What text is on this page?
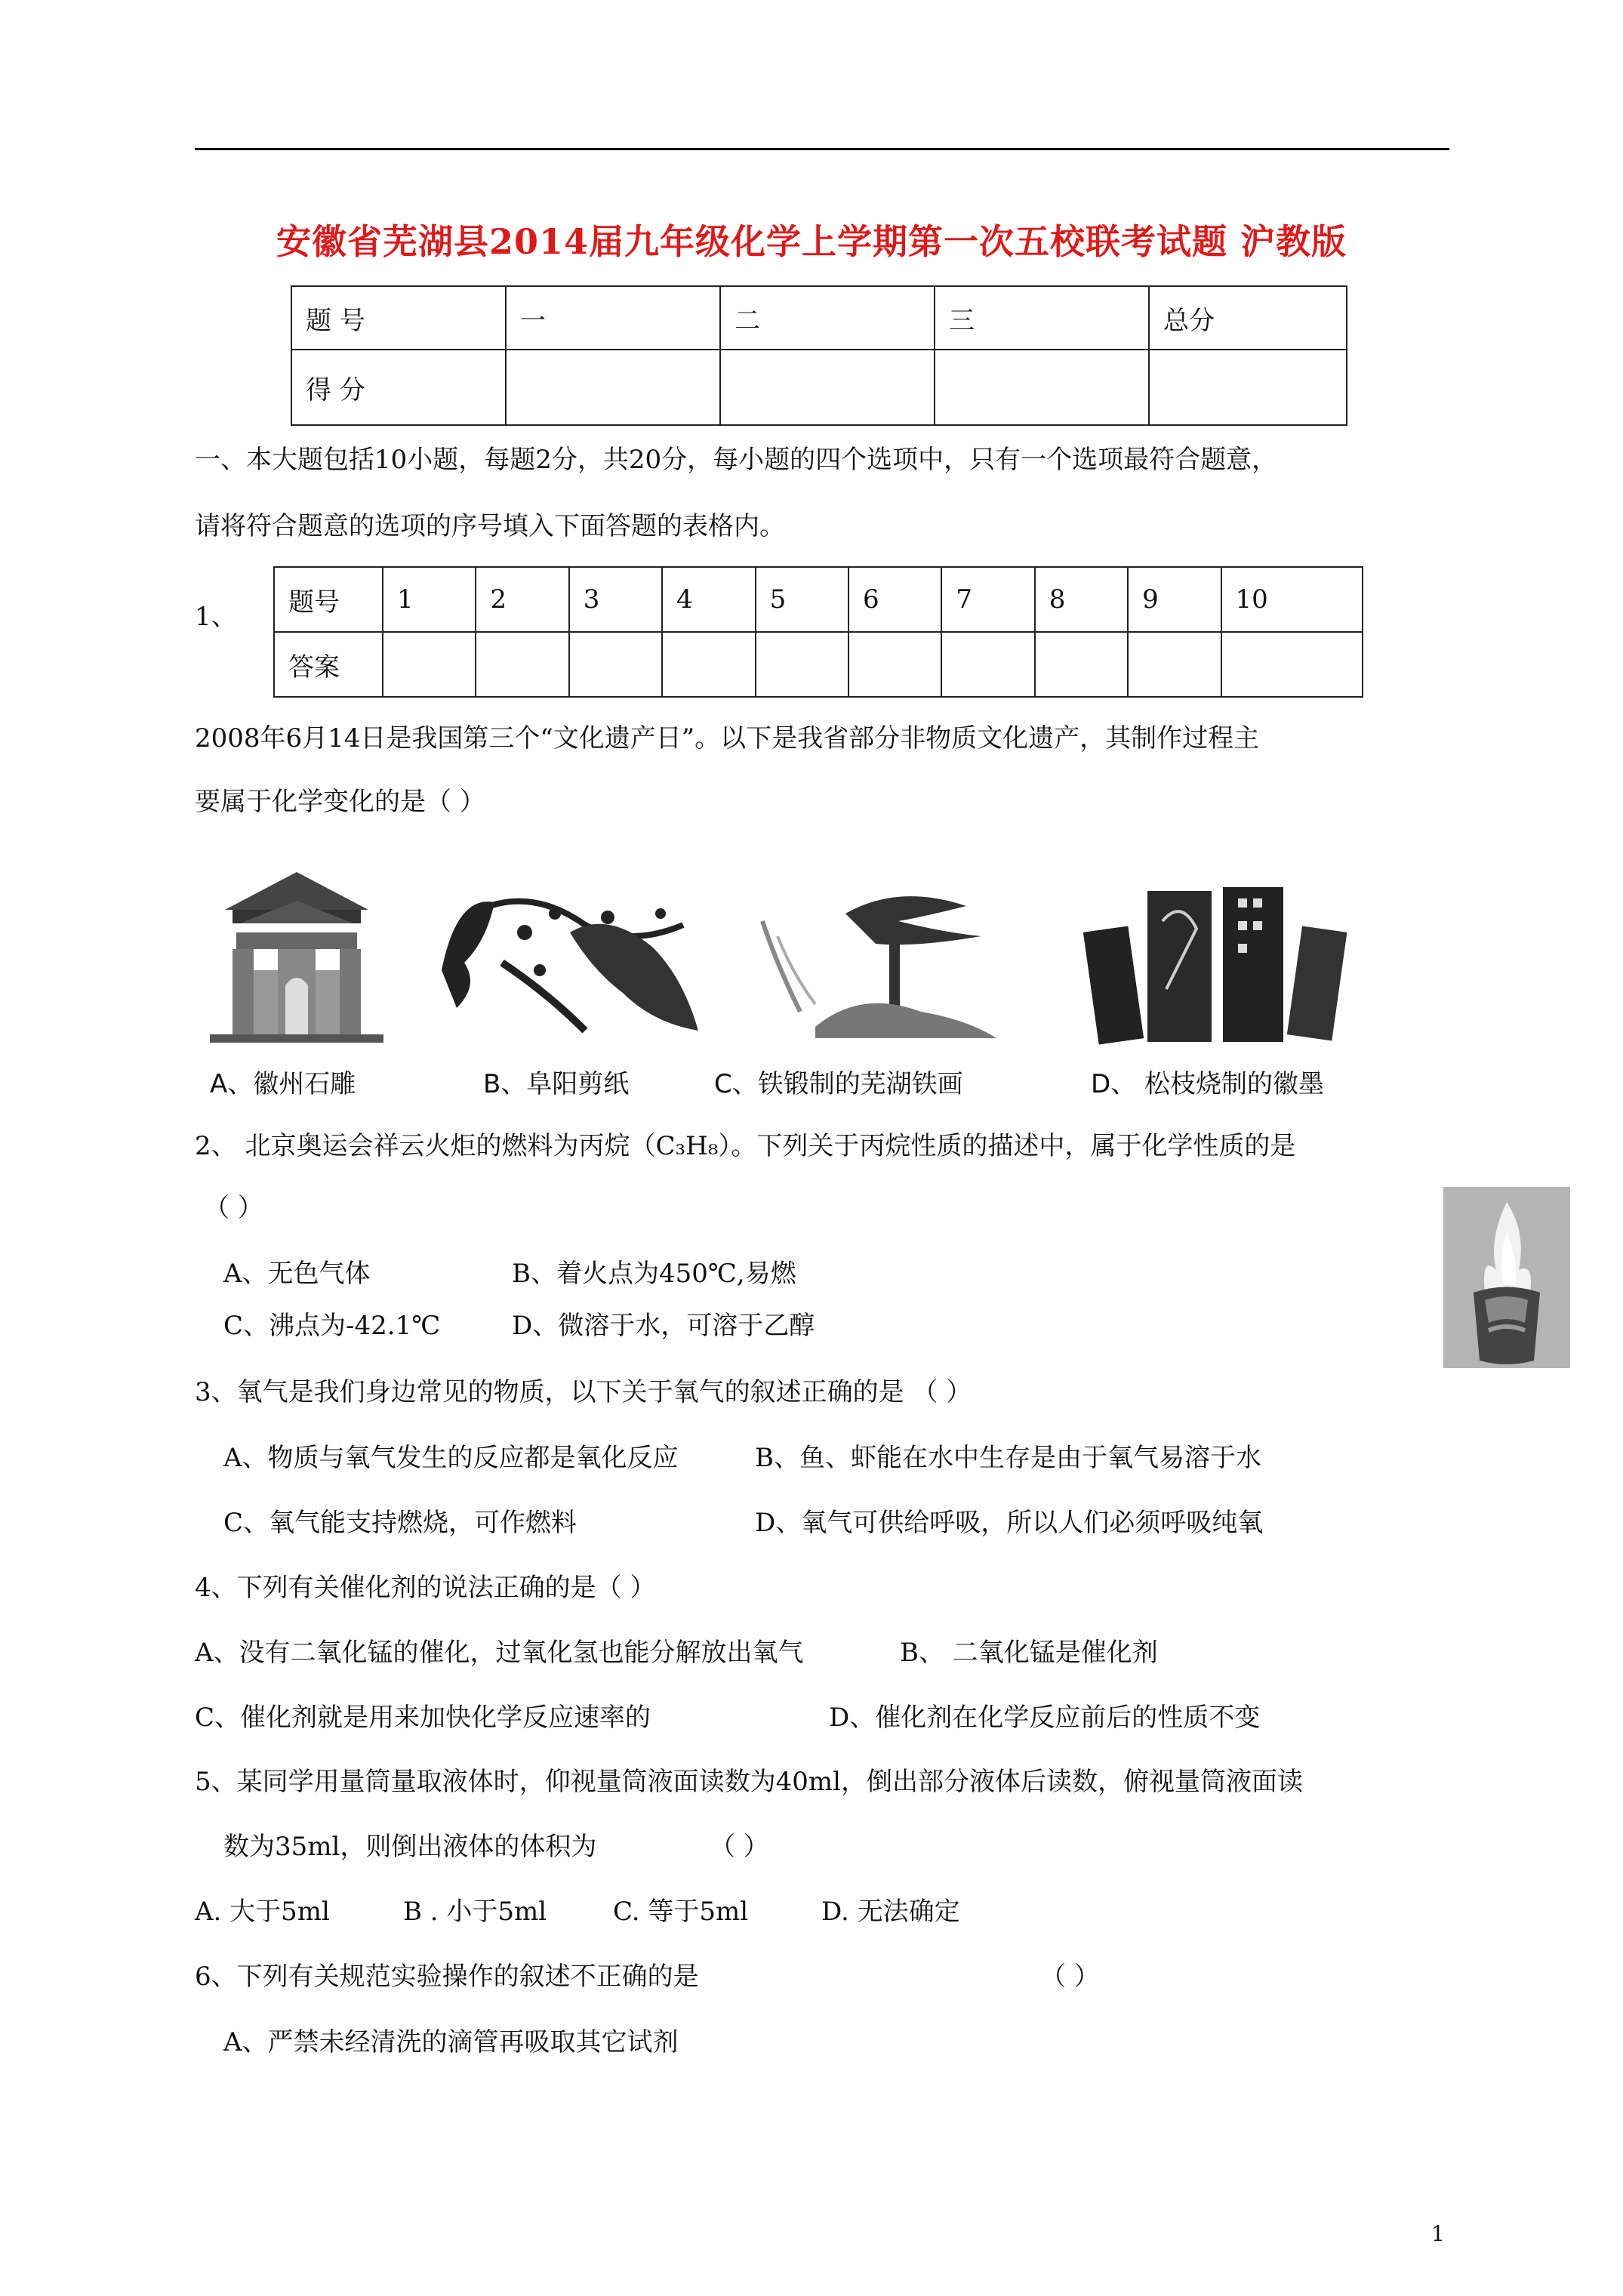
安徽省芜湖县2014届九年级化学上学期第一次五校联考试题 沪教版
题 号	一	二	三	总分
得 分				
一、本大题包括10小题，每题2分，共20分，每小题的四个选项中，只有一个选项最符合题意，
请将符合题意的选项的序号填入下面答题的表格内。
1、 题号	1	2	3	4	5	6	7	8	9	10
答案										
2008年6月14日是我国第三个“文化遗产日”。以下是我省部分非物质文化遗产，其制作过程主
要属于化学变化的是（ ）
A、徽州石雕	B、阜阳剪纸	C、铁锻制的芜湖铁画	D、 松枝烧制的徽墨
2、 北京奥运会祥云火炬的燃料为丙烷（C₃H₈）。下列关于丙烷性质的描述中，属于化学性质的是
（ ）
A、无色气体	B、着火点为450℃,易燃
C、沸点为-42.1℃	D、微溶于水，可溶于乙醇
3、氧气是我们身边常见的物质，以下关于氧气的叙述正确的是 （ ）
A、物质与氧气发生的反应都是氧化反应	B、鱼、虾能在水中生存是由于氧气易溶于水
C、氧气能支持燃烧，可作燃料	D、氧气可供给呼吸，所以人们必须呼吸纯氧
4、下列有关催化剂的说法正确的是（ ）
A、没有二氧化锰的催化，过氧化氢也能分解放出氧气	B、 二氧化锰是催化剂
C、催化剂就是用来加快化学反应速率的	D、催化剂在化学反应前后的性质不变
5、某同学用量筒量取液体时，仰视量筒液面读数为40ml，倒出部分液体后读数，俯视量筒液面读
数为35ml，则倒出液体的体积为	（ ）
A. 大于5ml	B . 小于5ml	C. 等于5ml	D. 无法确定
6、下列有关规范实验操作的叙述不正确的是	（ ）
A、严禁未经清洗的滴管再吸取其它试剂
1
